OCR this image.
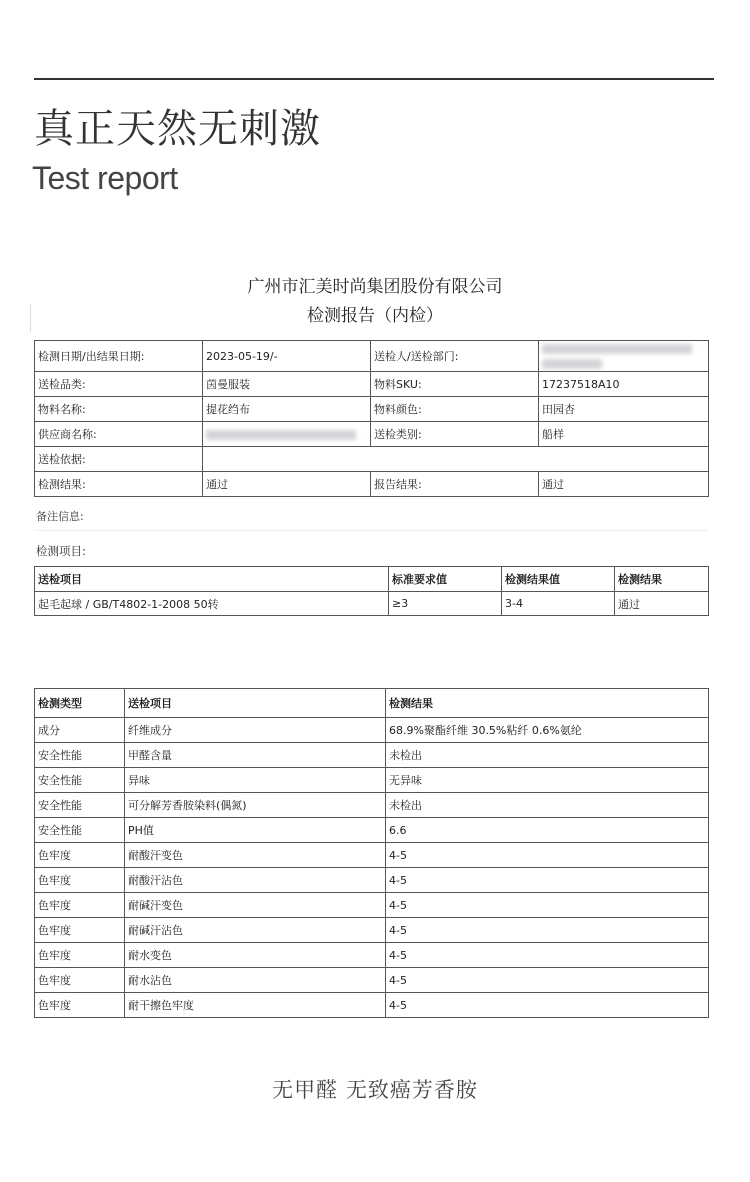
真正天然无刺激
Test report
广州市汇美时尚集团股份有限公司
检测报告（内检）
检测日期/出结果日期:	2023-05-19/-	送检人/送检部门:	

送检品类:	茵曼服装	物料SKU:	17237518A10
物料名称:	提花绉布	物料颜色:	田园杏
供应商名称:		送检类别:	船样
送检依据:			
检测结果:	通过	报告结果:	通过
备注信息:
检测项目:
送检项目	标准要求值	检测结果值	检测结果
起毛起球 / GB/T4802-1-2008 50转	≥3	3-4	通过
检测类型	送检项目	检测结果
成分	纤维成分	68.9%聚酯纤维 30.5%粘纤 0.6%氨纶
安全性能	甲醛含量	未检出
安全性能	异味	无异味
安全性能	可分解芳香胺染料(偶氮)	未检出
安全性能	PH值	6.6
色牢度	耐酸汗变色	4-5
色牢度	耐酸汗沾色	4-5
色牢度	耐碱汗变色	4-5
色牢度	耐碱汗沾色	4-5
色牢度	耐水变色	4-5
色牢度	耐水沾色	4-5
色牢度	耐干擦色牢度	4-5
无甲醛 无致癌芳香胺
